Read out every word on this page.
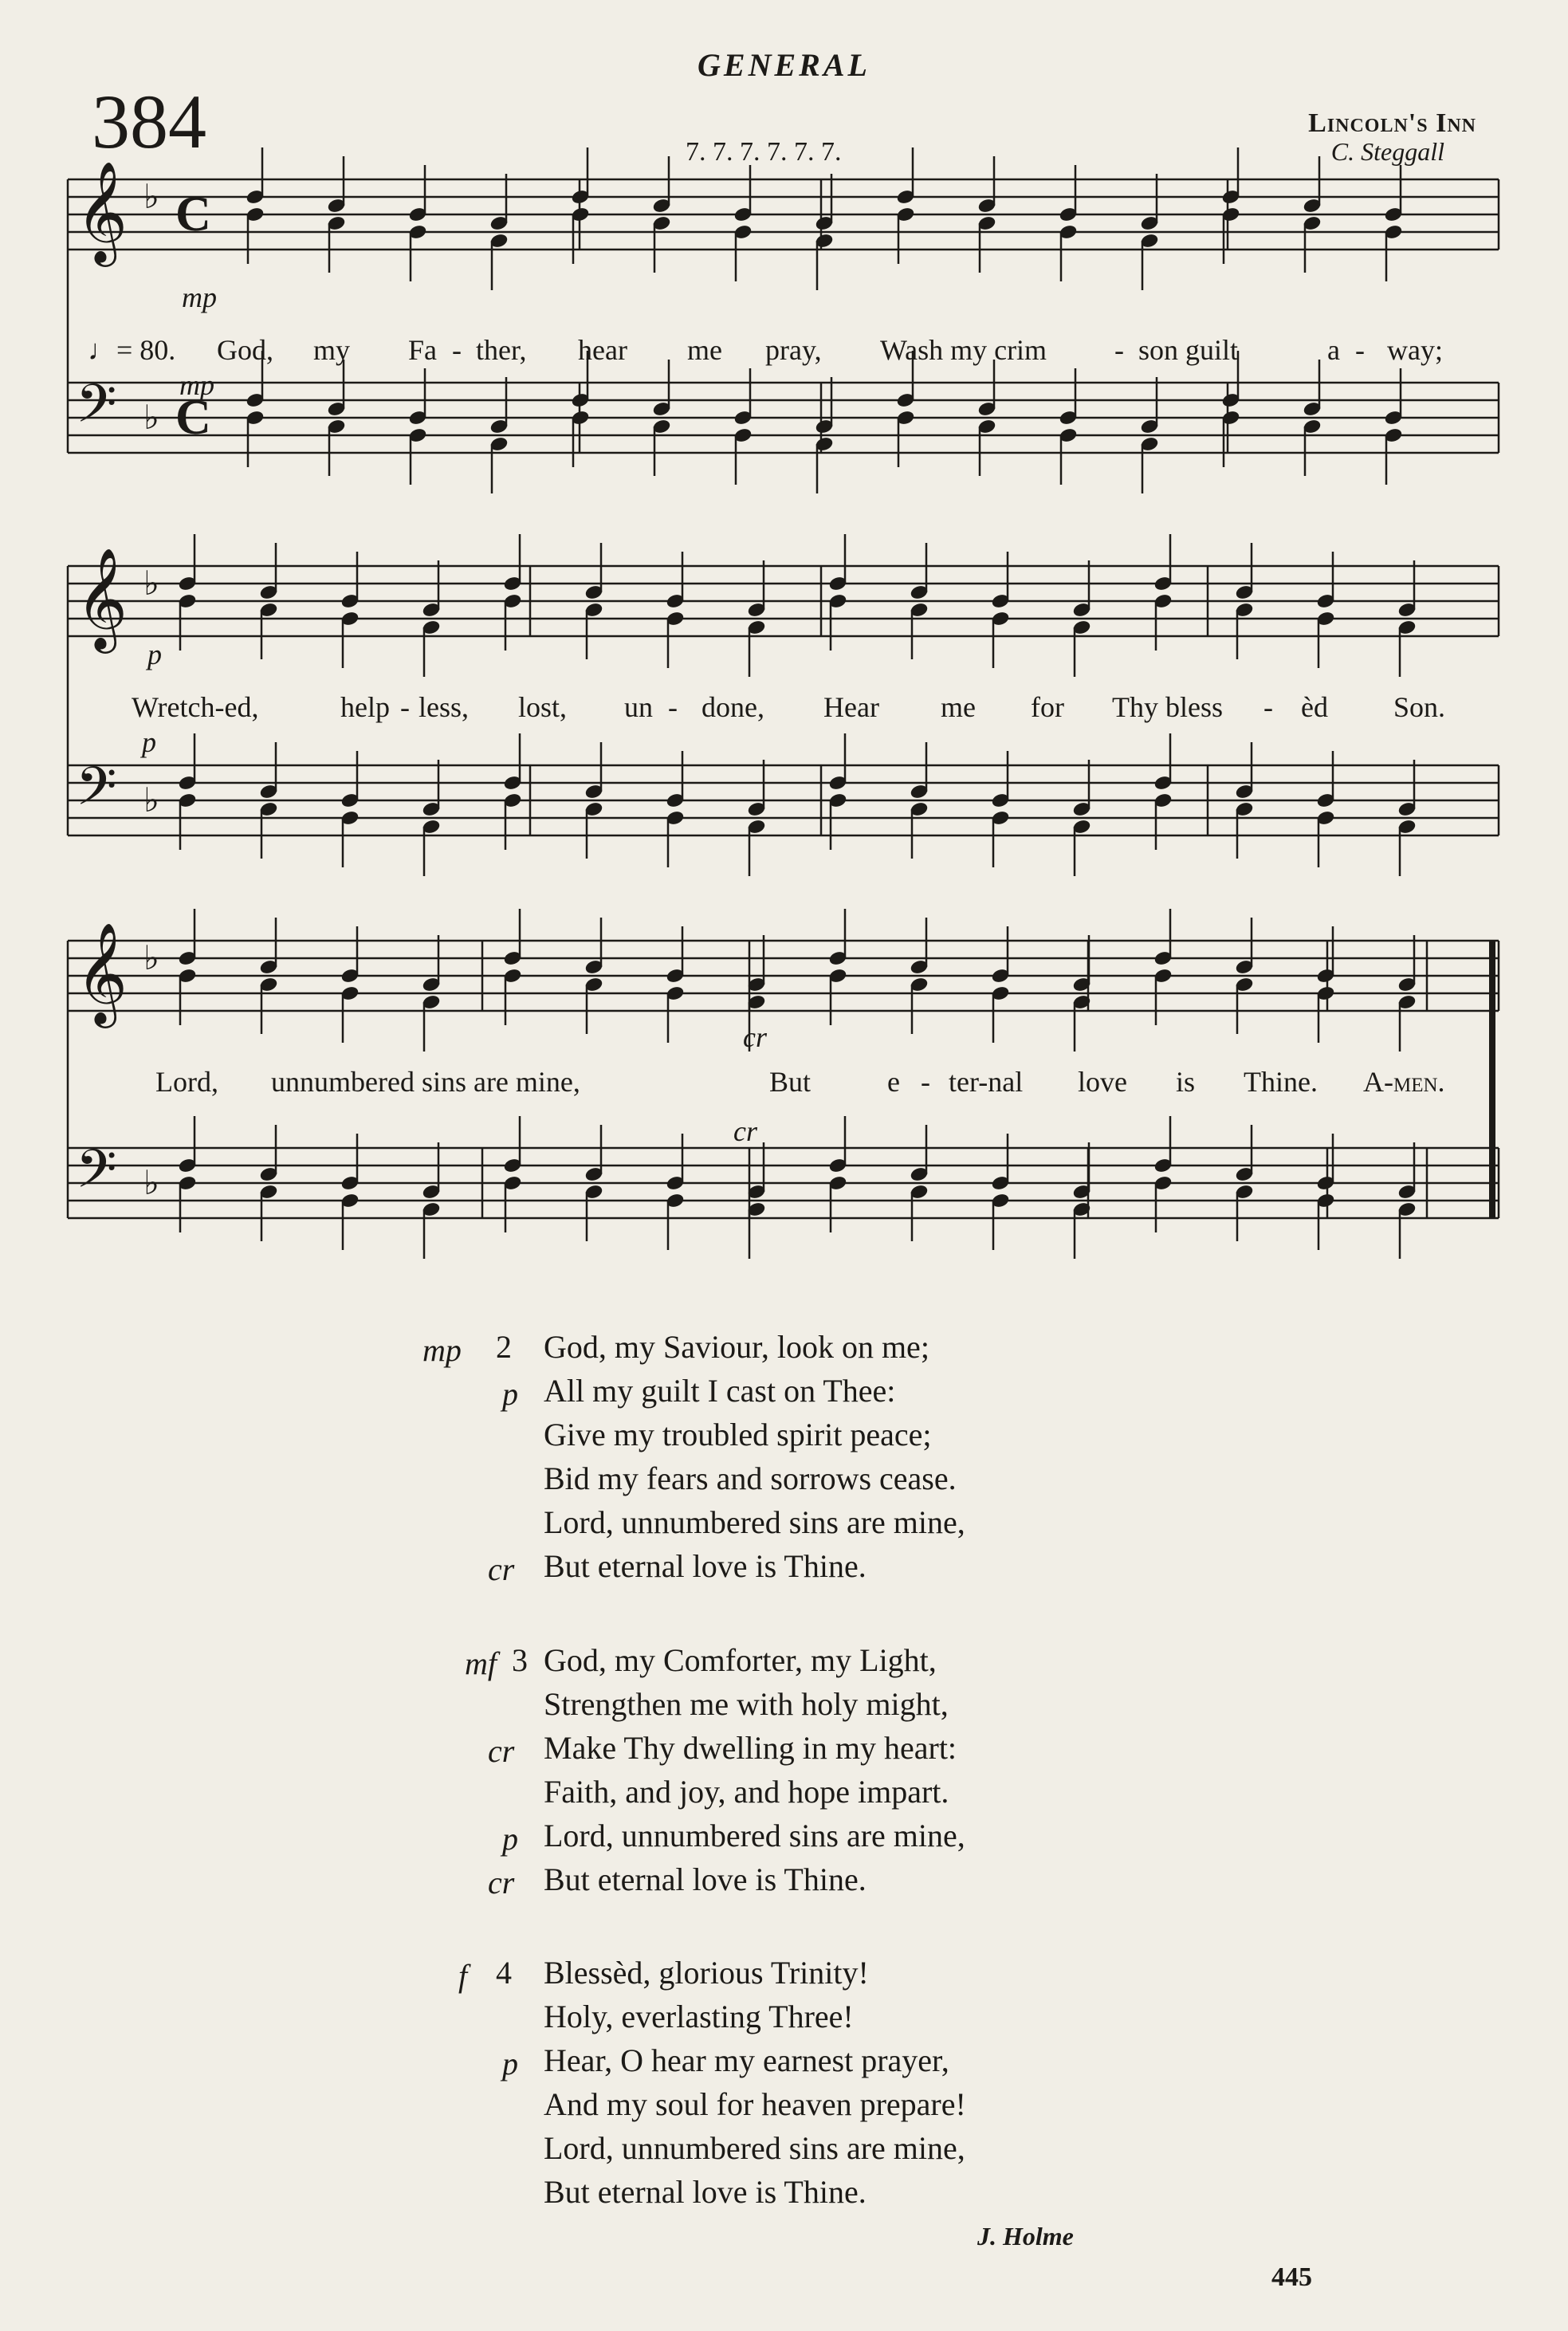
GENERAL
384	7. 7. 7. 7. 7. 7.
Lincoln's Inn
C. Steggall
𝄞 ♭ C
𝄢 ♭ C
𝄞 ♭
𝄢 ♭
𝄞 ♭
𝄢 ♭
mp
♩= 80.
mp
God, my Fa - ther, hear me pray, Wash my crim - son guilt	a - way;
p
p
Wretch-ed,	help - less, lost, un - done, Hear me for Thy bless - èd Son.
cr
cr
Lord, unnumbered sins are mine,	But	e - ter-nal love is Thine. A-men.
mp 2 God, my Saviour, look on me;
p All my guilt I cast on Thee:
Give my troubled spirit peace;
Bid my fears and sorrows cease.
Lord, unnumbered sins are mine,
cr But eternal love is Thine.
mf 3 God, my Comforter, my Light,
Strengthen me with holy might,
cr Make Thy dwelling in my heart:
Faith, and joy, and hope impart.
p Lord, unnumbered sins are mine,
cr But eternal love is Thine.
f 4 Blessèd, glorious Trinity!
Holy, everlasting Three!
p Hear, O hear my earnest prayer,
And my soul for heaven prepare!
Lord, unnumbered sins are mine,
But eternal love is Thine.
J. Holme
445
